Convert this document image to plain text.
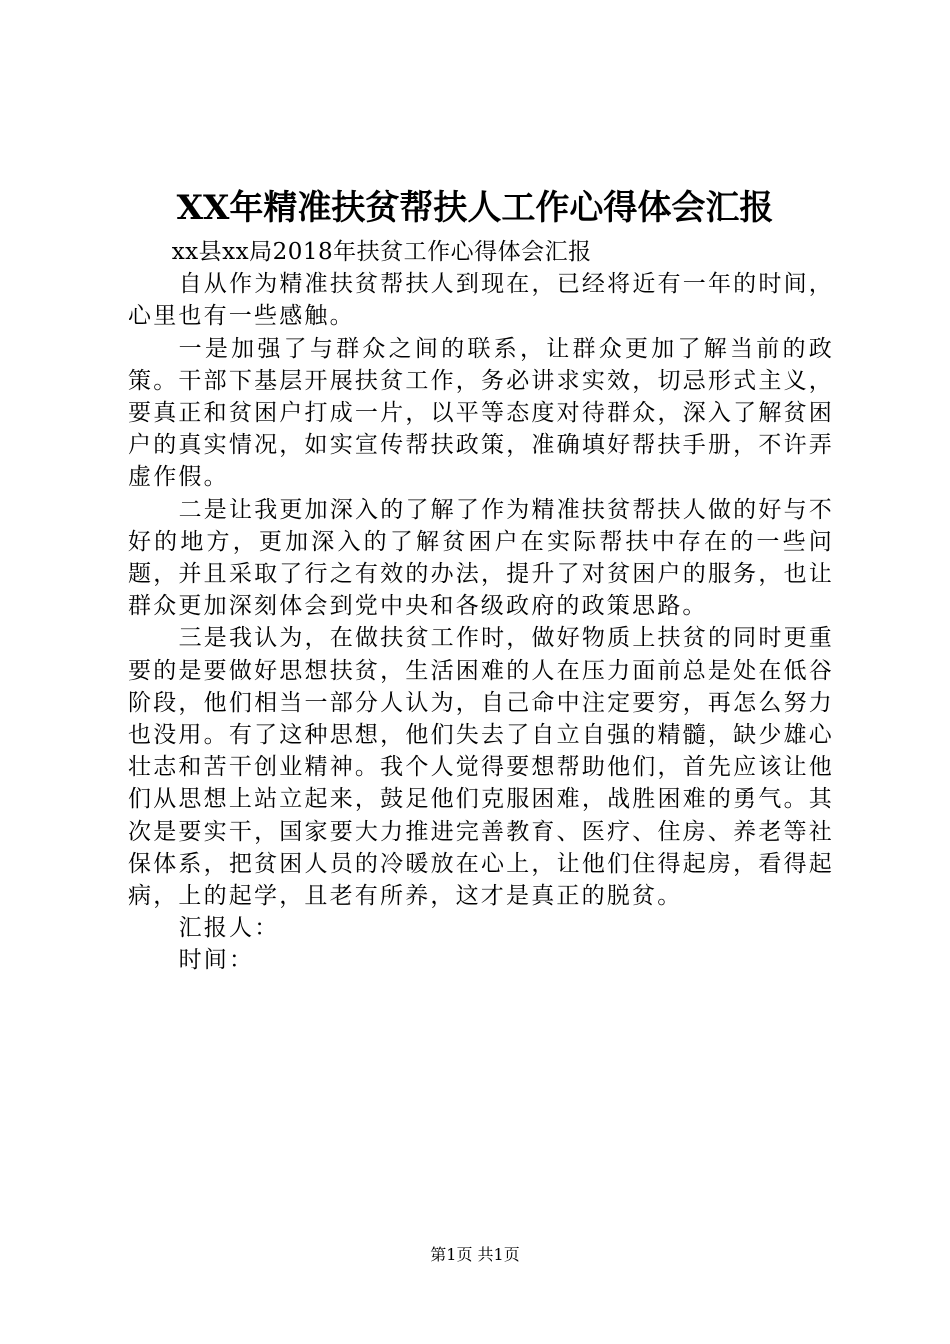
XX年精准扶贫帮扶人工作心得体会汇报

xx县xx局2018年扶贫工作心得体会汇报

自从作为精准扶贫帮扶人到现在，已经将近有一年的时间，心里也有一些感触。

一是加强了与群众之间的联系，让群众更加了解当前的政策。干部下基层开展扶贫工作，务必讲求实效，切忌形式主义，要真正和贫困户打成一片，以平等态度对待群众，深入了解贫困户的真实情况，如实宣传帮扶政策，准确填好帮扶手册，不许弄虚作假。

二是让我更加深入的了解了作为精准扶贫帮扶人做的好与不好的地方，更加深入的了解贫困户在实际帮扶中存在的一些问题，并且采取了行之有效的办法，提升了对贫困户的服务，也让群众更加深刻体会到党中央和各级政府的政策思路。

三是我认为，在做扶贫工作时，做好物质上扶贫的同时更重要的是要做好思想扶贫，生活困难的人在压力面前总是处在低谷阶段，他们相当一部分人认为，自己命中注定要穷，再怎么努力也没用。有了这种思想，他们失去了自立自强的精髓，缺少雄心壮志和苦干创业精神。我个人觉得要想帮助他们，首先应该让他们从思想上站立起来，鼓足他们克服困难，战胜困难的勇气。其次是要实干，国家要大力推进完善教育、医疗、住房、养老等社保体系，把贫困人员的冷暖放在心上，让他们住得起房，看得起病，上的起学，且老有所养，这才是真正的脱贫。

汇报人：

时间：

第1页 共1页
